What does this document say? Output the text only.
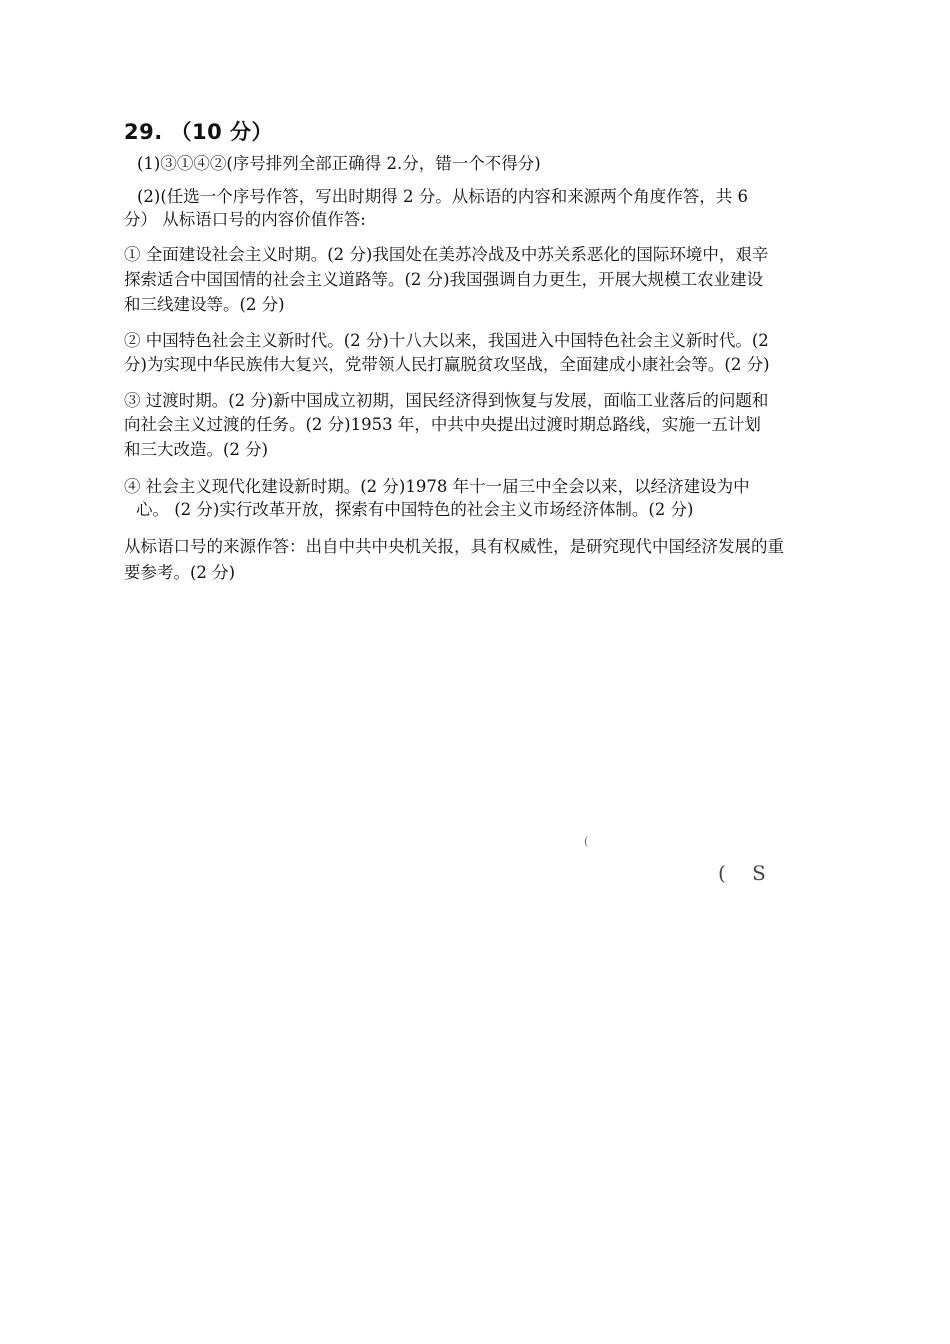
29. （10 分）
(1)③①④②(序号排列全部正确得 2.分，错一个不得分)
(2)(任选一个序号作答，写出时期得 2 分。从标语的内容和来源两个角度作答，共 6
分） 从标语口号的内容价值作答:
① 全面建设社会主义时期。(2 分)我国处在美苏冷战及中苏关系恶化的国际环境中，艰辛
探索适合中国国情的社会主义道路等。(2 分)我国强调自力更生，开展大规模工农业建设
和三线建设等。(2 分)
② 中国特色社会主义新时代。(2 分)十八大以来，我国进入中国特色社会主义新时代。(2
分)为实现中华民族伟大复兴，党带领人民打赢脱贫攻坚战，全面建成小康社会等。(2 分)
③ 过渡时期。(2 分)新中国成立初期，国民经济得到恢复与发展，面临工业落后的问题和
向社会主义过渡的任务。(2 分)1953 年，中共中央提出过渡时期总路线，实施一五计划
和三大改造。(2 分)
④ 社会主义现代化建设新时期。(2 分)1978 年十一届三中全会以来，以经济建设为中
心。 (2 分)实行改革开放，探索有中国特色的社会主义市场经济体制。(2 分)
从标语口号的来源作答：出自中共中央机关报，具有权威性，是研究现代中国经济发展的重
要参考。(2 分)
(
( S
